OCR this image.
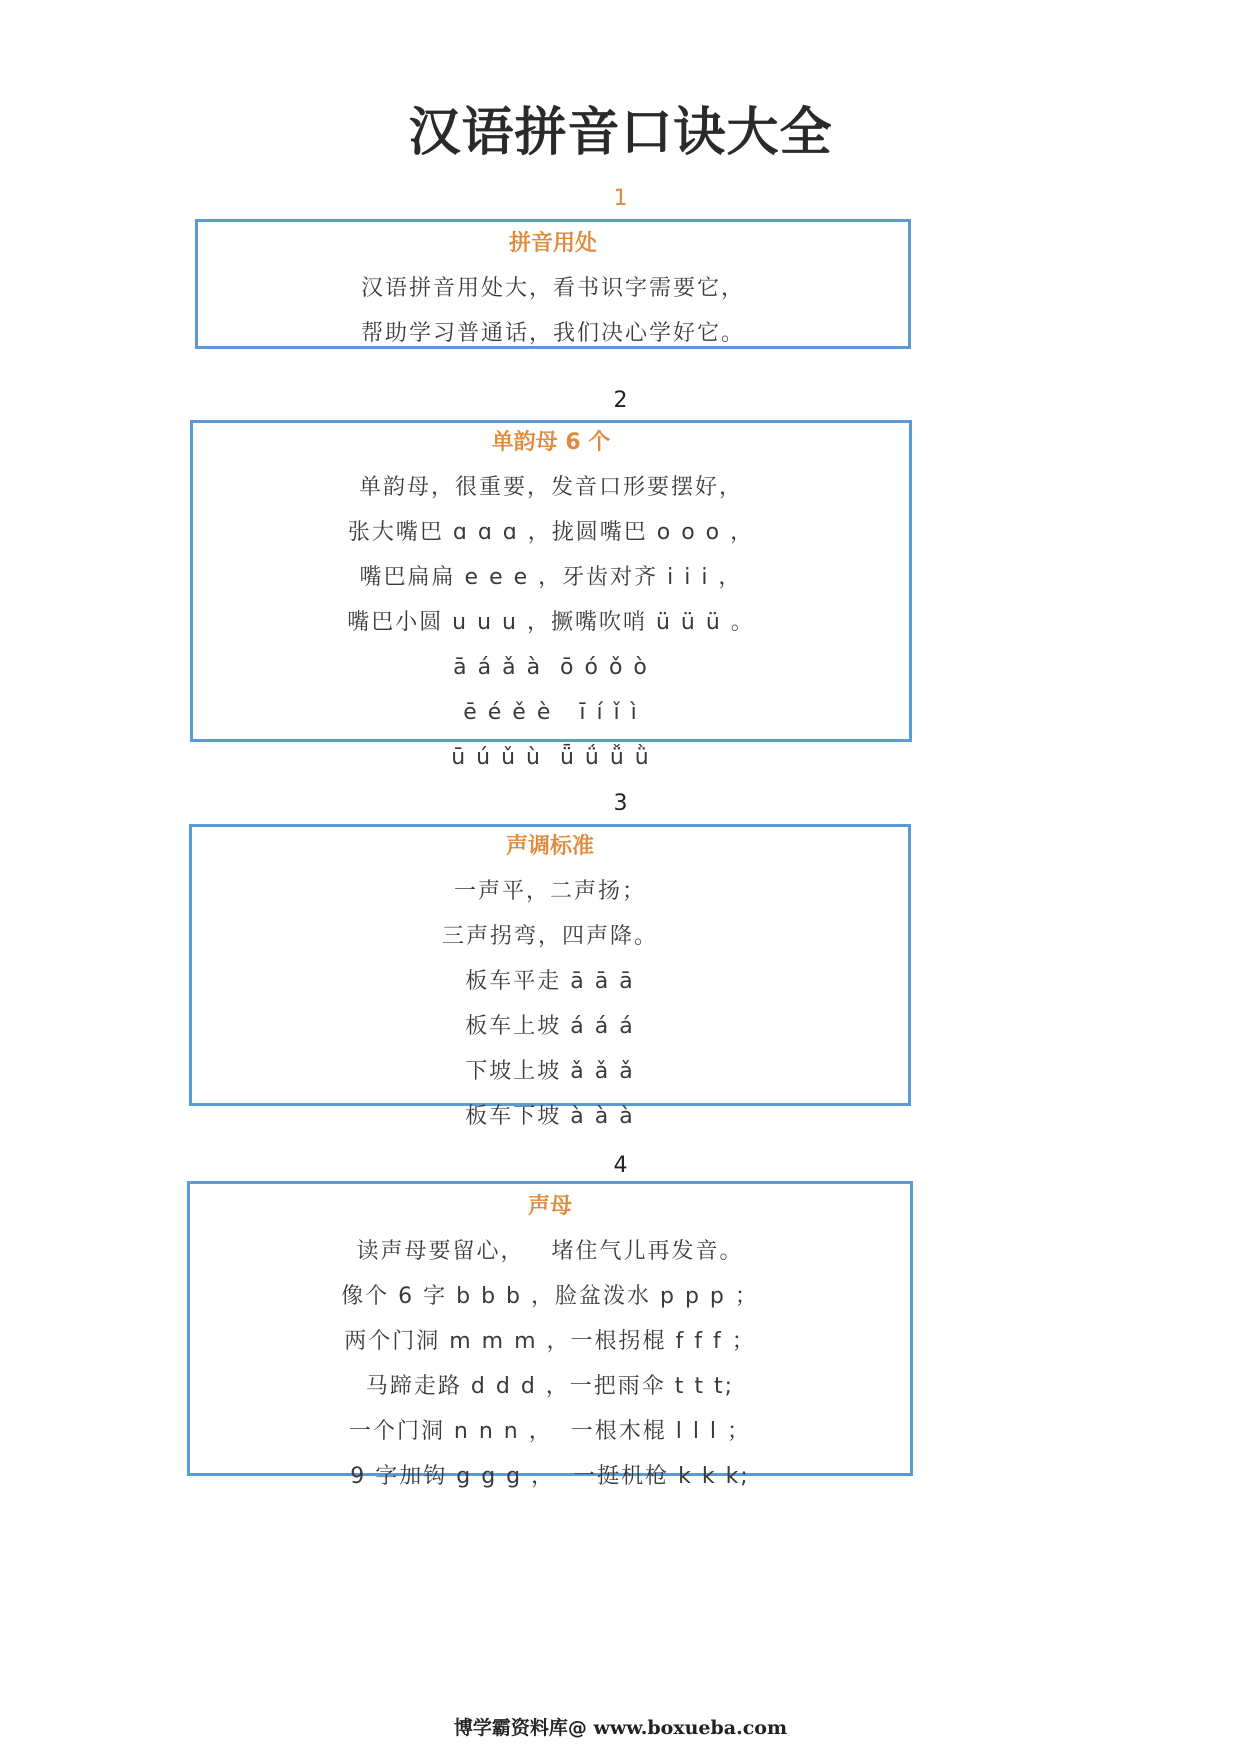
汉语拼音口诀大全
1
拼音用处
汉语拼音用处大，看书识字需要它，
帮助学习普通话，我们决心学好它。
2
单韵母 6 个
单韵母，很重要，发音口形要摆好，
张大嘴巴 ɑ ɑ ɑ ，拢圆嘴巴 o o o ，
嘴巴扁扁 e e e ，牙齿对齐 i i i ，
嘴巴小圆 u u u ，撅嘴吹哨 ü ü ü 。
ā á ǎ à  ō ó ǒ ò
ē é ě è   ī í ǐ ì
ū ú ǔ ù  ǖ ǘ ǚ ǜ
3
声调标准
一声平，二声扬；
三声拐弯，四声降。
板车平走 ā ā ā
板车上坡 á á á
下坡上坡 ǎ ǎ ǎ
板车下坡 à à à
4
声母
读声母要留心，   堵住气儿再发音。
像个 6 字 b b b ，脸盆泼水 p p p ；
两个门洞 m m m ，一根拐棍 f f f ；
马蹄走路 d d d ，一把雨伞 t t t;
一个门洞 n n n ，  一根木棍 l l l ；
9 字加钩 g g g ，  一挺机枪 k k k;
博学霸资料库@ www.boxueba.com
